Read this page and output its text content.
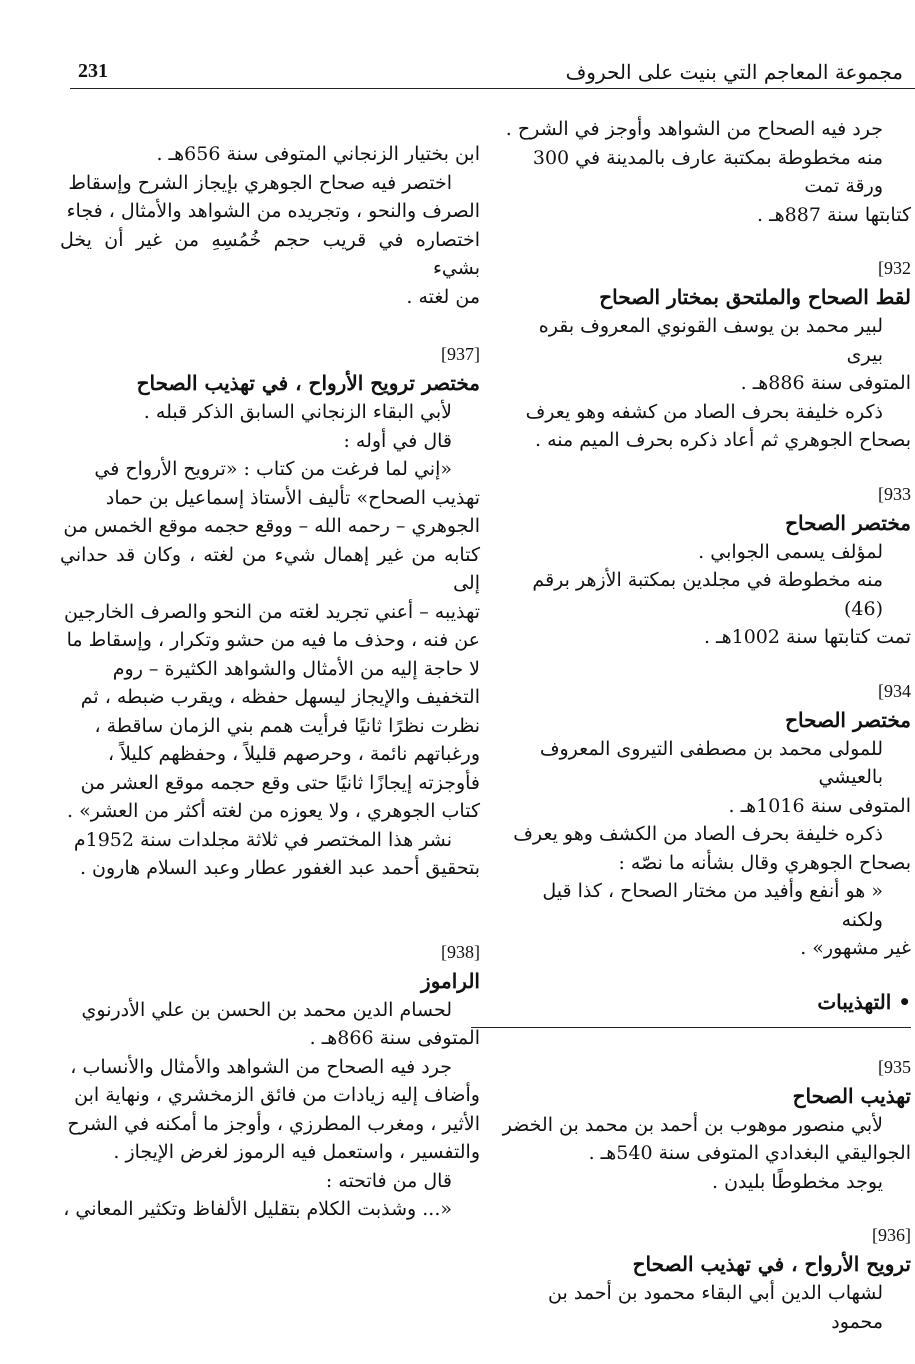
231	مجموعة المعاجم التي بنيت على الحروف

جرد فيه الصحاح من الشواهد وأوجز في الشرح .

منه مخطوطة بمكتبة عارف بالمدينة في 300 ورقة تمت

كتابتها سنة 887هـ .

[932
لقط الصحاح والملتحق بمختار الصحاح

لبير محمد بن يوسف القونوي المعروف بقره بيرى

المتوفى سنة 886هـ .

ذكره خليفة بحرف الصاد من كشفه وهو يعرف

بصحاح الجوهري ثم أعاد ذكره بحرف الميم منه .

[933
مختصر الصحاح

لمؤلف يسمى الجوابي .

منه مخطوطة في مجلدين بمكتبة الأزهر برقم (46)

تمت كتابتها سنة 1002هـ .

[934
مختصر الصحاح

للمولى محمد بن مصطفى التيروى المعروف بالعيشي

المتوفى سنة 1016هـ .

ذكره خليفة بحرف الصاد من الكشف وهو يعرف

بصحاح الجوهري وقال بشأنه ما نصّه :

« هو أنفع وأفيد من مختار الصحاح ، كذا قيل ولكنه

غير مشهور» .

• التهذيبات
[935
تهذيب الصحاح

لأبي منصور موهوب بن أحمد بن محمد بن الخضر

الجواليقي البغدادي المتوفى سنة 540هـ .

يوجد مخطوطًا بليدن .

[936]
ترويح الأرواح ، في تهذيب الصحاح

لشهاب الدين أبي البقاء محمود بن أحمد بن محمود

ابن بختيار الزنجاني المتوفى سنة 656هـ .

اختصر فيه صحاح الجوهري بإيجاز الشرح وإسقاط

الصرف والنحو ، وتجريده من الشواهد والأمثال ، فجاء

اختصاره في قريب حجم خُمُسِهِ من غير أن يخل بشيء

من لغته .

[937]
مختصر ترويح الأرواح ، في تهذيب الصحاح

لأبي البقاء الزنجاني السابق الذكر قبله .

قال في أوله :

«إني لما فرغت من كتاب : «ترويح الأرواح في

تهذيب الصحاح» تأليف الأستاذ إسماعيل بن حماد

الجوهري – رحمه الله – ووقع حجمه موقع الخمس من

كتابه من غير إهمال شيء من لغته ، وكان قد حداني إلى

تهذيبه – أعني تجريد لغته من النحو والصرف الخارجين

عن فنه ، وحذف ما فيه من حشو وتكرار ، وإسقاط ما

لا حاجة إليه من الأمثال والشواهد الكثيرة – روم

التخفيف والإيجاز ليسهل حفظه ، ويقرب ضبطه ، ثم

نظرت نظرًا ثانيًا فرأيت همم بني الزمان ساقطة ،

ورغباتهم نائمة ، وحرصهم قليلاً ، وحفظهم كليلاً ،

فأوجزته إيجازًا ثانيًا حتى وقع حجمه موقع العشر من

كتاب الجوهري ، ولا يعوزه من لغته أكثر من العشر» .

نشر هذا المختصر في ثلاثة مجلدات سنة 1952م

بتحقيق أحمد عبد الغفور عطار وعبد السلام هارون .

[938]
الراموز

لحسام الدين محمد بن الحسن بن علي الأدرنوي

المتوفى سنة 866هـ .

جرد فيه الصحاح من الشواهد والأمثال والأنساب ،

وأضاف إليه زيادات من فائق الزمخشري ، ونهاية ابن

الأثير ، ومغرب المطرزي ، وأوجز ما أمكنه في الشرح

والتفسير ، واستعمل فيه الرموز لغرض الإيجاز .

قال من فاتحته :

«... وشذبت الكلام بتقليل الألفاظ وتكثير المعاني ،
